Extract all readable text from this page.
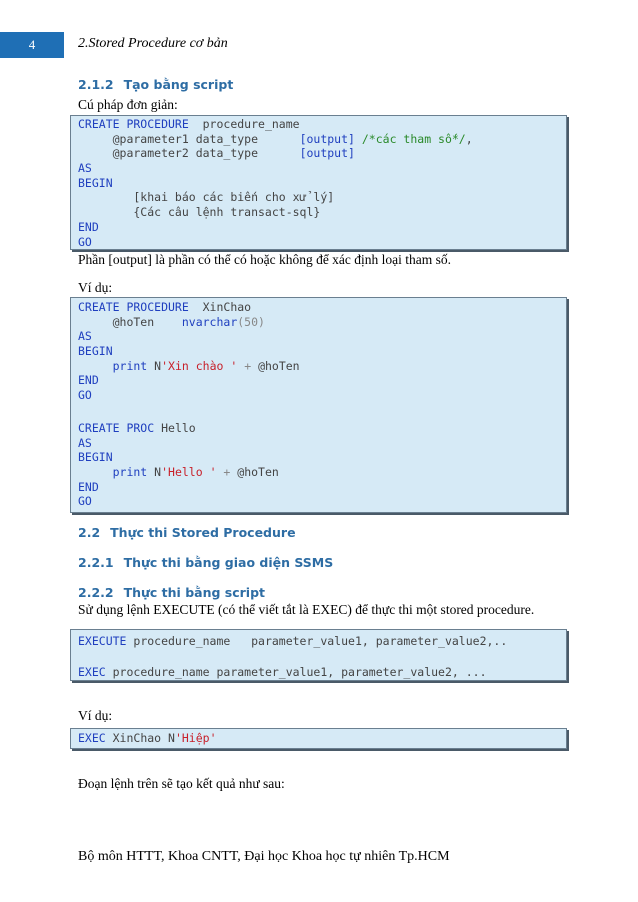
4	2.Stored Procedure cơ bản
2.1.2 Tạo bằng script
Cú pháp đơn giản:
CREATE PROCEDURE  procedure_name
@parameter1 data_type      [output] /*các tham số*/,
@parameter2 data_type      [output]
AS
BEGIN
[khai báo các biến cho xử lý]
{Các câu lệnh transact-sql}
END
GO
Phần [output] là phần có thể có hoặc không để xác định loại tham số.
Ví dụ:
CREATE PROCEDURE  XinChao
@hoTen    nvarchar(50)
AS
BEGIN
print N'Xin chào ' + @hoTen
END
GO
CREATE PROC Hello
AS
BEGIN
print N'Hello ' + @hoTen
END
GO
2.2 Thực thi Stored Procedure
2.2.1 Thực thi bằng giao diện SSMS
2.2.2 Thực thi bằng script
Sử dụng lệnh EXECUTE (có thể viết tắt là EXEC) để thực thi một stored procedure.
EXECUTE procedure_name   parameter_value1, parameter_value2,..
EXEC procedure_name parameter_value1, parameter_value2, ...
Ví dụ:
EXEC XinChao N'Hiệp'
Đoạn lệnh trên sẽ tạo kết quả như sau:
Bộ môn HTTT, Khoa CNTT, Đại học Khoa học tự nhiên Tp.HCM
